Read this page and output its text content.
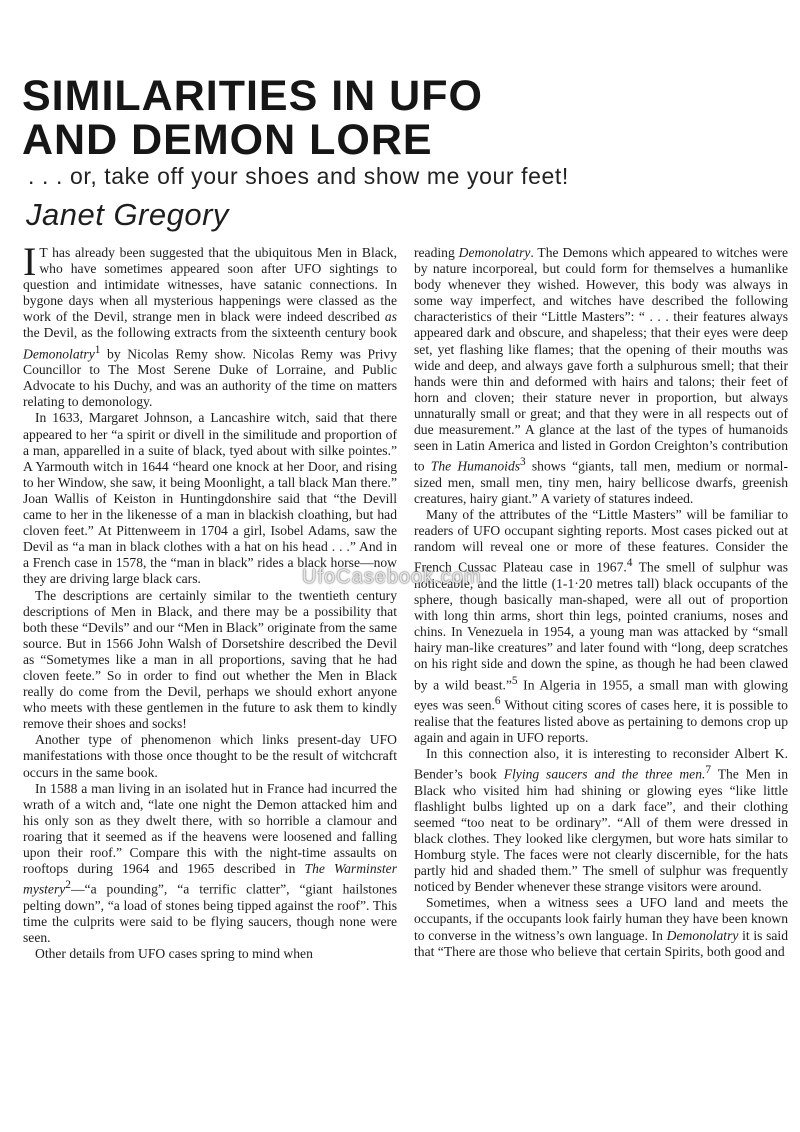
SIMILARITIES IN UFO
AND DEMON LORE
. . . or, take off your shoes and show me your feet!
Janet Gregory

I T has already been suggested that the ubiquitous Men in Black, who have sometimes appeared soon after UFO sightings to question and intimidate witnesses, have satanic connections. In bygone days when all mysterious happenings were classed as the work of the Devil, strange men in black were indeed described as the Devil, as the following extracts from the sixteenth century book Demonolatry$^1$ by Nicolas Remy show. Nicolas Remy was Privy Councillor to The Most Serene Duke of Lorraine, and Public Advocate to his Duchy, and was an authority of the time on matters relating to demonology.

In 1633, Margaret Johnson, a Lancashire witch, said that there appeared to her “a spirit or divell in the similitude and proportion of a man, apparelled in a suite of black, tyed about with silke pointes.” A Yarmouth witch in 1644 “heard one knock at her Door, and rising to her Window, she saw, it being Moonlight, a tall black Man there.” Joan Wallis of Keiston in Huntingdonshire said that “the Devill came to her in the likenesse of a man in blackish cloathing, but had cloven feet.” At Pittenweem in 1704 a girl, Isobel Adams, saw the Devil as “a man in black clothes with a hat on his head . . .” And in a French case in 1578, the “man in black” rides a black horse—now they are driving large black cars.

The descriptions are certainly similar to the twentieth century descriptions of Men in Black, and there may be a possibility that both these “Devils” and our “Men in Black” originate from the same source. But in 1566 John Walsh of Dorsetshire described the Devil as “Sometymes like a man in all proportions, saving that he had cloven feete.” So in order to find out whether the Men in Black really do come from the Devil, perhaps we should exhort anyone who meets with these gentlemen in the future to ask them to kindly remove their shoes and socks!

Another type of phenomenon which links present-day UFO manifestations with those once thought to be the result of witchcraft occurs in the same book.

In 1588 a man living in an isolated hut in France had incurred the wrath of a witch and, “late one night the Demon attacked him and his only son as they dwelt there, with so horrible a clamour and roaring that it seemed as if the heavens were loosened and falling upon their roof.” Compare this with the night-time assaults on rooftops during 1964 and 1965 described in The Warminster mystery$^2$—“a pounding”, “a terrific clatter”, “giant hailstones pelting down”, “a load of stones being tipped against the roof”. This time the culprits were said to be flying saucers, though none were seen.

Other details from UFO cases spring to mind when

reading Demonolatry. The Demons which appeared to witches were by nature incorporeal, but could form for themselves a humanlike body whenever they wished. However, this body was always in some way imperfect, and witches have described the following characteristics of their “Little Masters”: “ . . . their features always appeared dark and obscure, and shapeless; that their eyes were deep set, yet flashing like flames; that the opening of their mouths was wide and deep, and always gave forth a sulphurous smell; that their hands were thin and deformed with hairs and talons; their feet of horn and cloven; their stature never in proportion, but always unnaturally small or great; and that they were in all respects out of due measurement.” A glance at the last of the types of humanoids seen in Latin America and listed in Gordon Creighton’s contribution to The Humanoids$^3$ shows “giants, tall men, medium or normal-sized men, small men, tiny men, hairy bellicose dwarfs, greenish creatures, hairy giant.” A variety of statures indeed.

Many of the attributes of the “Little Masters” will be familiar to readers of UFO occupant sighting reports. Most cases picked out at random will reveal one or more of these features. Consider the French Cussac Plateau case in 1967.$^4$ The smell of sulphur was noticeable, and the little (1-1·20 metres tall) black occupants of the sphere, though basically man-shaped, were all out of proportion with long thin arms, short thin legs, pointed craniums, noses and chins. In Venezuela in 1954, a young man was attacked by “small hairy man-like creatures” and later found with “long, deep scratches on his right side and down the spine, as though he had been clawed by a wild beast.”$^5$ In Algeria in 1955, a small man with glowing eyes was seen.$^6$ Without citing scores of cases here, it is possible to realise that the features listed above as pertaining to demons crop up again and again in UFO reports.

In this connection also, it is interesting to reconsider Albert K. Bender’s book Flying saucers and the three men.$^7$ The Men in Black who visited him had shining or glowing eyes “like little flashlight bulbs lighted up on a dark face”, and their clothing seemed “too neat to be ordinary”. “All of them were dressed in black clothes. They looked like clergymen, but wore hats similar to Homburg style. The faces were not clearly discernible, for the hats partly hid and shaded them.” The smell of sulphur was frequently noticed by Bender whenever these strange visitors were around.

Sometimes, when a witness sees a UFO land and meets the occupants, if the occupants look fairly human they have been known to converse in the witness’s own language. In Demonolatry it is said that “There are those who believe that certain Spirits, both good and

UfoCasebook.com
